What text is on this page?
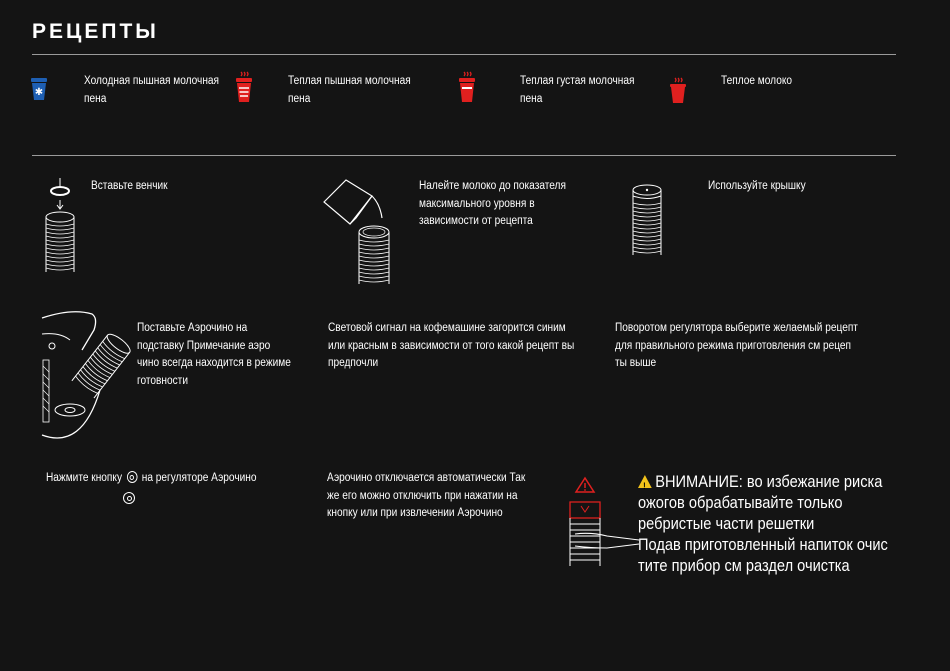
РЕЦЕПТЫ
✱
Холодная пышная молочная
пена
Теплая пышная молочная
пена
Теплая густая молочная
пена
Теплое молоко
Вставьте венчик	Налейте молоко до показателя
максимального уровня в
зависимости от рецепта
Используйте крышку
Поставьте Аэрочино на
подставку Примечание аэро
чино всегда находится в режиме
готовности
Световой сигнал на кофемашине загорится синим
или красным в зависимости от того какой рецепт вы
предпочли
Поворотом регулятора выберите желаемый рецепт
для правильного режима приготовления см рецеп
ты выше
Нажмите кнопку на регуляторе Аэрочино	Аэрочино отключается автоматически Так
же его можно отключить при нажатии на
кнопку или при извлечении Аэрочино
!ВНИМАНИЕ: во избежание риска
ожогов обрабатывайте только
ребристые части решетки
Подав приготовленный напиток очис
тите прибор см раздел очистка
